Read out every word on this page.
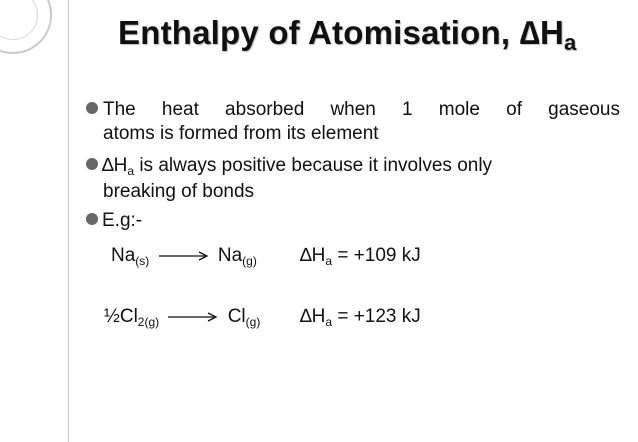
Enthalpy of Atomisation, $\Delta H_a$
The heat absorbed when 1 mole of gaseous
atoms is formed from its element
$\Delta H_a$ is always positive because it involves only
breaking of bonds
E.g:-
$Na_{(s)} \to Na_{(g)}$ $\Delta H_a = +109$ kJ
$\frac{1}{2}Cl_{2(g)} \to Cl_{(g)}$ $\Delta H_a = +123$ kJ
